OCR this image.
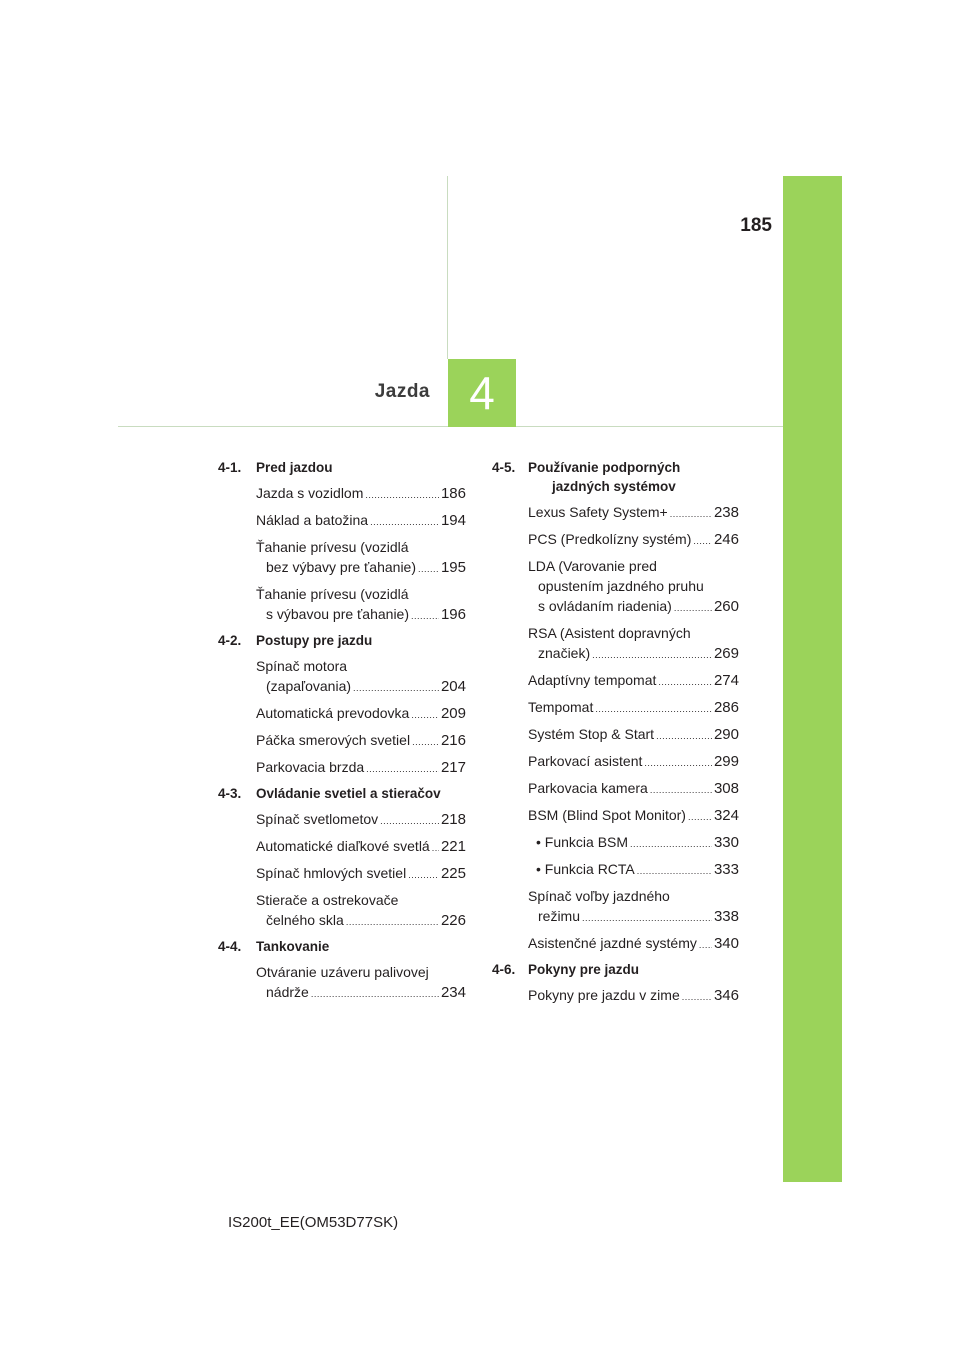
185
Jazda 4
4-1.	Pred jazdou
Jazda s vozidlom .....	186
Náklad a batožina .....	194
Ťahanie prívesu (vozidlá
bez výbavy pre ťahanie) ..... 195
Ťahanie prívesu (vozidlá
s výbavou pre ťahanie) ..... 196
4-2.	Postupy pre jazdu
Spínač motora
(zapaľovania) .....	204
Automatická prevodovka ..... 209
Páčka smerových svetiel ..... 216
Parkovacia brzda .....	217
4-3.	Ovládanie svetiel a stieračov
Spínač svetlometov .....	218
Automatické diaľkové svetlá ..... 221
Spínač hmlových svetiel ..... 225
Stierače a ostrekovače
čelného skla .....	226
4-4.	Tankovanie
Otváranie uzáveru palivovej
nádrže .....	234
4-5. Používanie podporných jazdných systémov
Lexus Safety System+ .....	238
PCS (Predkolízny systém) ..... 246
LDA (Varovanie pred
opustením jazdného pruhu
s ovládaním riadenia) .....	260
RSA (Asistent dopravných
značiek) .....	269
Adaptívny tempomat .....	274
Tempomat .....	286
Systém Stop & Start .....	290
Parkovací asistent .....	299
Parkovacia kamera .....	308
BSM (Blind Spot Monitor) ..... 324
• Funkcia BSM .....	330
• Funkcia RCTA .....	333
Spínač voľby jazdného
režimu .....	338
Asistenčné jazdné systémy ..... 340
4-6. Pokyny pre jazdu
Pokyny pre jazdu v zime ..... 346
IS200t_EE(OM53D77SK)
